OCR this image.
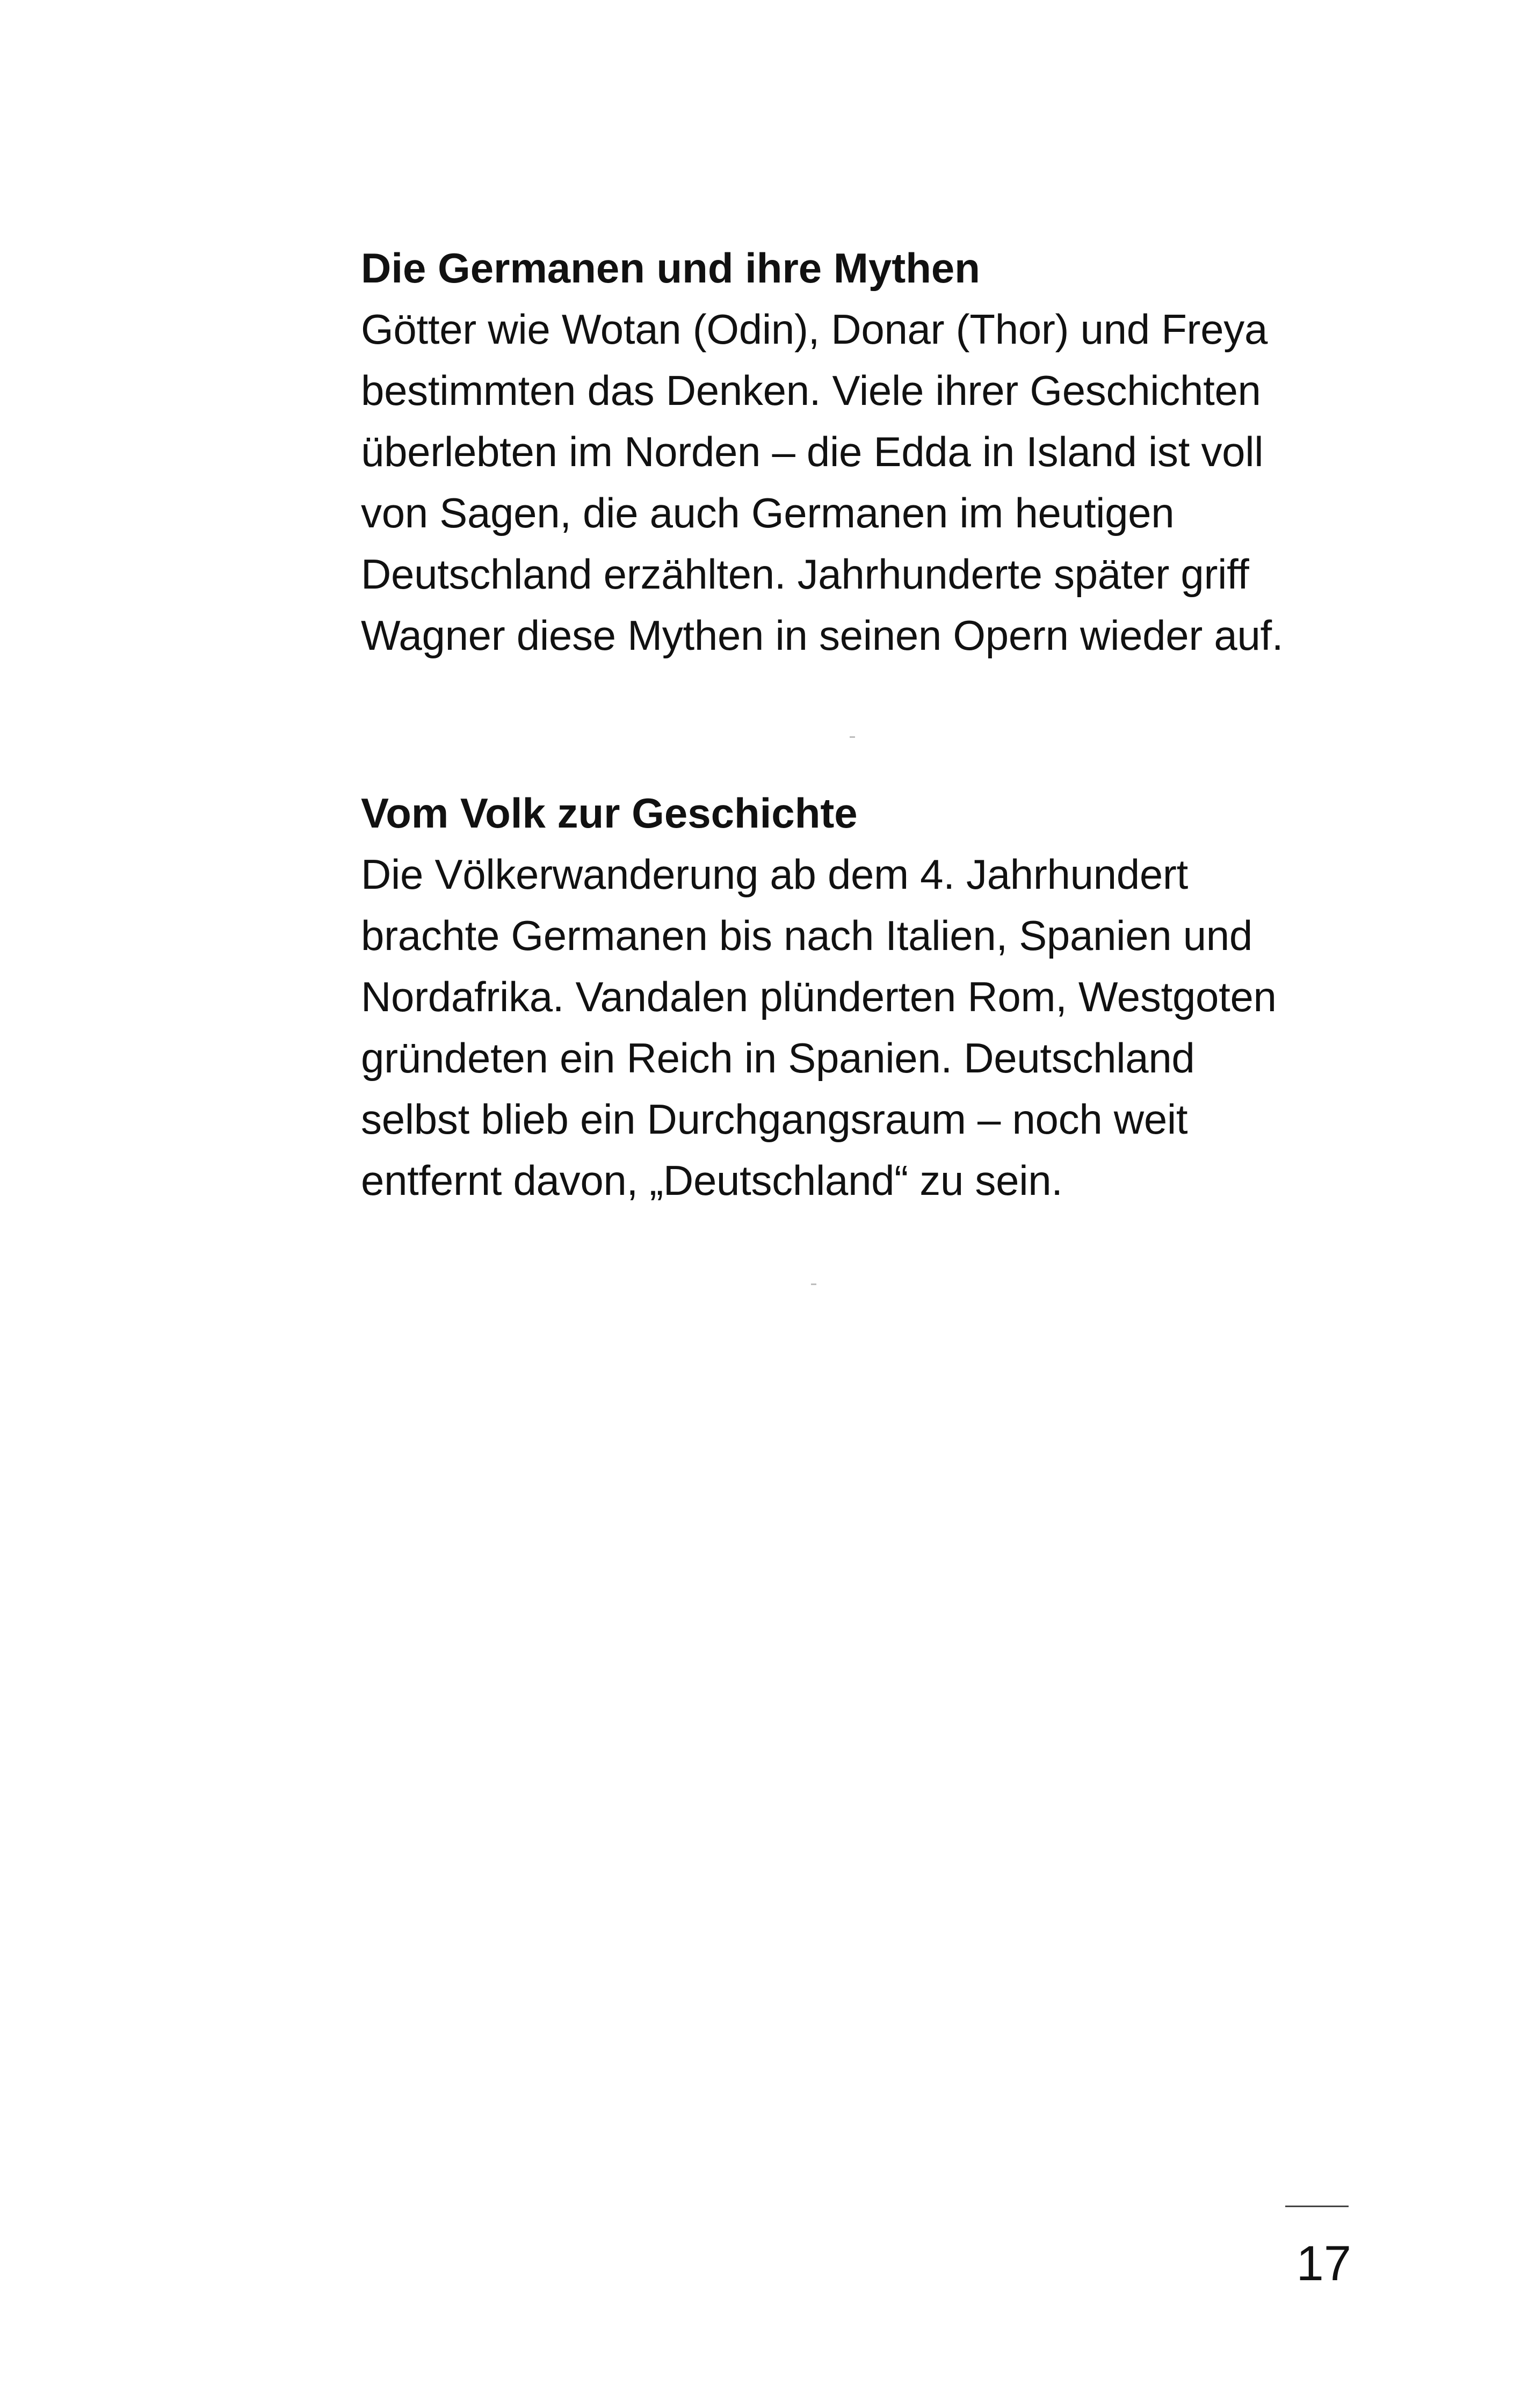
Die Germanen und ihre Mythen

Götter wie Wotan (Odin), Donar (Thor) und Freya

bestimmten das Denken. Viele ihrer Geschichten

überlebten im Norden – die Edda in Island ist voll

von Sagen, die auch Germanen im heutigen

Deutschland erzählten. Jahrhunderte später griff

Wagner diese Mythen in seinen Opern wieder auf.

Vom Volk zur Geschichte

Die Völkerwanderung ab dem 4. Jahrhundert

brachte Germanen bis nach Italien, Spanien und

Nordafrika. Vandalen plünderten Rom, Westgoten

gründeten ein Reich in Spanien. Deutschland

selbst blieb ein Durchgangsraum – noch weit

entfernt davon, „Deutschland“ zu sein.

17
